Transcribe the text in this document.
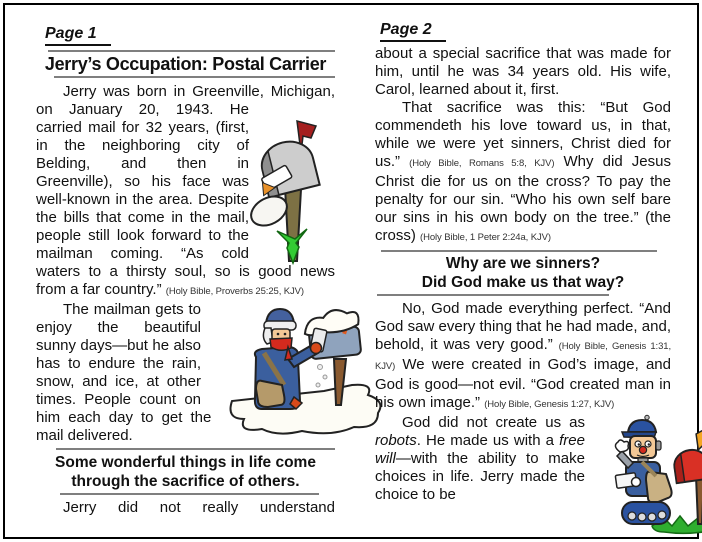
Page 1
Jerry’s Occupation: Postal Carrier

Jerry was born in Greenville, Michigan, on January 20, 1943. He carried mail for 32 years, (first, in the neighboring city of Belding, and then in Greenville), so his face was well-known in the area. Despite the bills that come in the mail, people still look forward to the mailman coming. “As cold waters to a thirsty soul, so is good news from a far country.” (Holy Bible, Proverbs 25:25, KJV)

The mailman gets to enjoy the beautiful sunny days—but he also has to endure the rain, snow, and ice, at other times. People count on him each day to get the mail delivered.

Some wonderful things in life come through the sacrifice of others.

Jerry did not really understand

Page 2

about a special sacrifice that was made for him, until he was 34 years old. His wife, Carol, learned about it, first.

That sacrifice was this: “But God commendeth his love toward us, in that, while we were yet sinners, Christ died for us.” (Holy Bible, Romans 5:8, KJV) Why did Jesus Christ die for us on the cross? To pay the penalty for our sin. “Who his own self bare our sins in his own body on the tree.” (the cross) (Holy Bible, 1 Peter 2:24a, KJV)

Why are we sinners?
Did God make us that way?

No, God made everything perfect. “And God saw every thing that he had made, and, behold, it was very good.” (Holy Bible, Genesis 1:31, KJV) We were created in God’s image, and God is good—not evil. “God created man in his own image.” (Holy Bible, Genesis 1:27, KJV)

God did not create us as robots. He made us with a free will—with the ability to make choices in life. Jerry made the choice to be
